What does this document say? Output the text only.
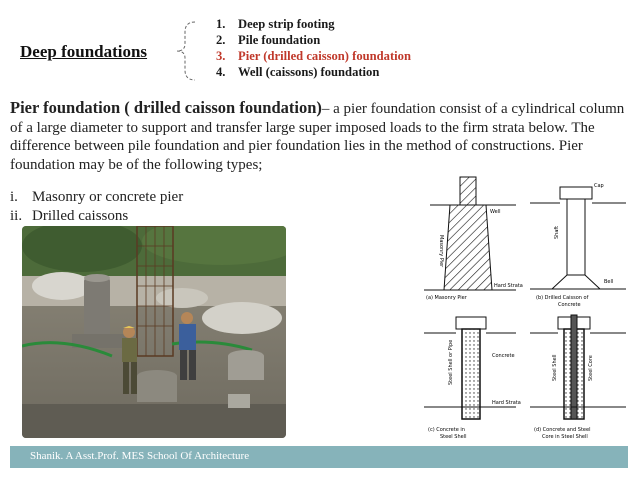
Deep foundations
1. Deep strip footing
2. Pile foundation
3. Pier (drilled caisson) foundation
4. Well (caissons) foundation

Pier foundation ( drilled caisson foundation)– a pier foundation consist of a cylindrical column of a large diameter to support and transfer large super imposed loads to the firm strata below. The difference between pile foundation and pier foundation lies in the method of constructions. Pier foundation may be of the following types;

i. Masonry or concrete pier
ii. Drilled caissons
Masonry Pier
Well
Hard Strata
(a) Masonry Pier
Cap
Shaft
Bell
(b) Drilled Caisson of
Concrete
Steel Shell or Pipe	Concrete
Hard Strata
(c) Concrete in
Steel Shell
Steel Shell	Steel Core
(d) Concrete and Steel
Core in Steel Shell
Shanik. A Asst.Prof. MES School Of Architecture
